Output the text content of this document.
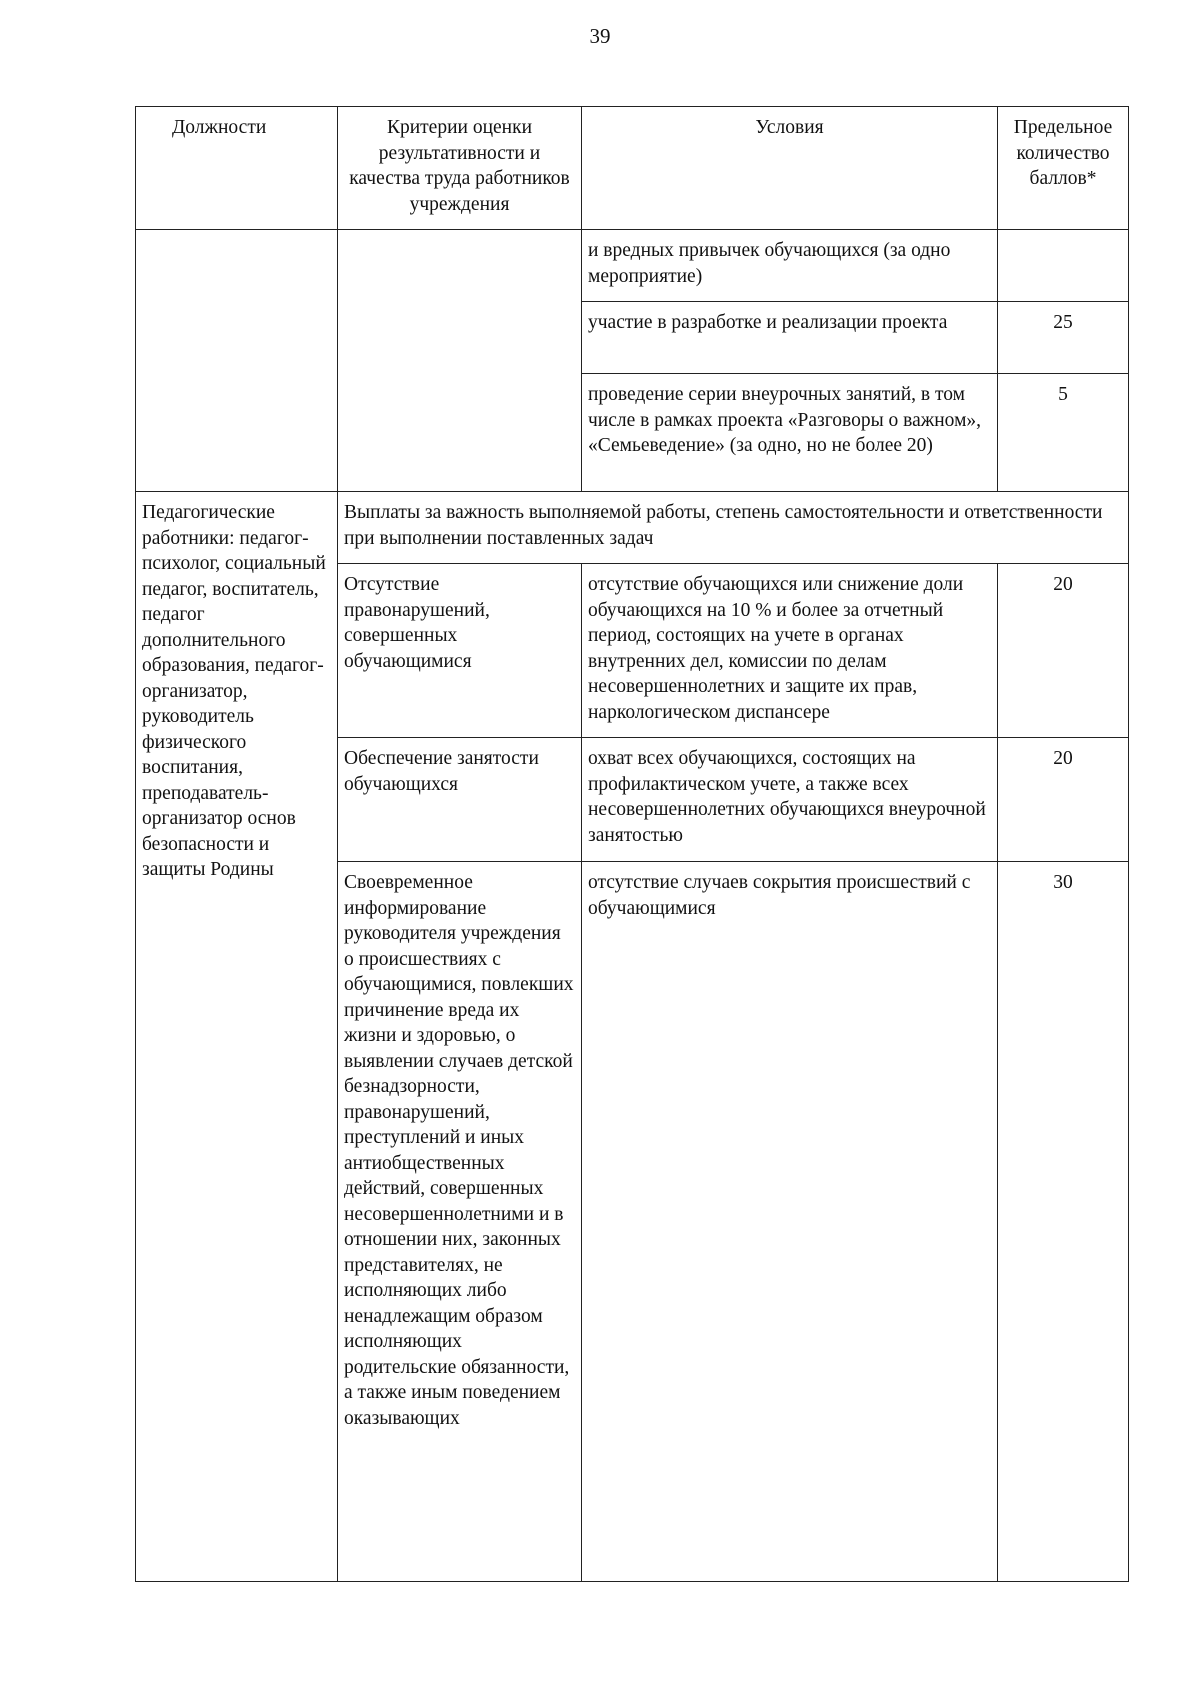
39
Должности	Критерии оценки результативности и качества труда работников учреждения	Условия	Предельное количество баллов*
		и вредных привычек обучающихся (за одно мероприятие)	
		участие в разработке и реализации проекта	25
		проведение серии внеурочных занятий, в том числе в рамках проекта «Разговоры о важном», «Семьеведение» (за одно, но не более 20)	5
Педагогические работники: педагог-психолог, социальный педагог, воспитатель, педагог дополнительного образования, педагог-организатор, руководитель физического воспитания, преподаватель-организатор основ безопасности и защиты Родины	Выплаты за важность выполняемой работы, степень самостоятельности и ответственности при выполнении поставленных задач		
	Отсутствие правонарушений, совершенных обучающимися	отсутствие обучающихся или снижение доли обучающихся на 10 % и более за отчетный период, состоящих на учете в органах внутренних дел, комиссии по делам несовершеннолетних и защите их прав, наркологическом диспансере	20
	Обеспечение занятости обучающихся	охват всех обучающихся, состоящих на профилактическом учете, а также всех несовершеннолетних обучающихся внеурочной занятостью	20
	Своевременное информирование руководителя учреждения о происшествиях с обучающимися, повлекших причинение вреда их жизни и здоровью, о выявлении случаев детской безнадзорности, правонарушений, преступлений и иных антиобщественных действий, совершенных несовершеннолетними и в отношении них, законных представителях, не исполняющих либо ненадлежащим образом исполняющих родительские обязанности, а также иным поведением оказывающих	отсутствие случаев сокрытия происшествий с обучающимися	30
